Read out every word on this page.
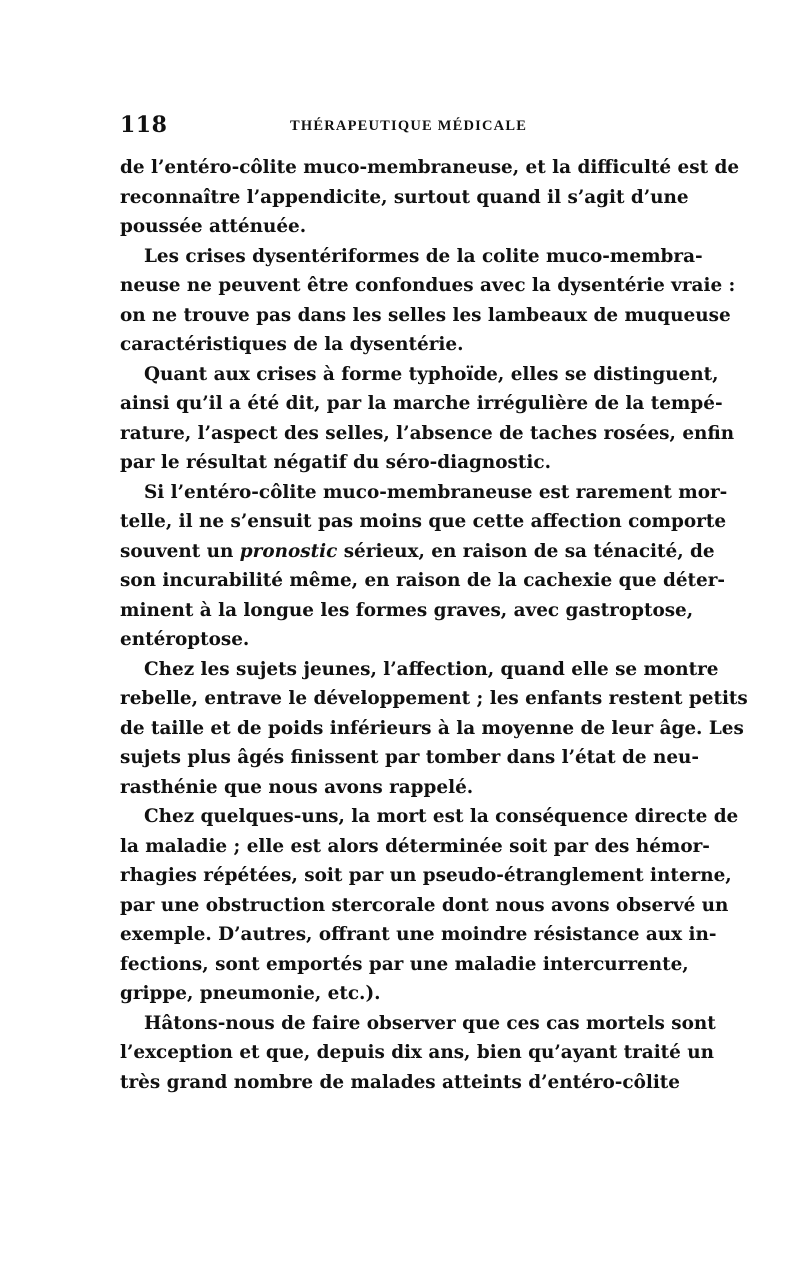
118	THÉRAPEUTIQUE MÉDICALE
de l’entéro-côlite muco-membraneuse, et la difficulté est de
reconnaître l’appendicite, surtout quand il s’agit d’une
poussée atténuée.
Les crises dysentériformes de la colite muco-membra-
neuse ne peuvent être confondues avec la dysentérie vraie :
on ne trouve pas dans les selles les lambeaux de muqueuse
caractéristiques de la dysentérie.
Quant aux crises à forme typhoïde, elles se distinguent,
ainsi qu’il a été dit, par la marche irrégulière de la tempé-
rature, l’aspect des selles, l’absence de taches rosées, enfin
par le résultat négatif du séro-diagnostic.
Si l’entéro-côlite muco-membraneuse est rarement mor-
telle, il ne s’ensuit pas moins que cette affection comporte
souvent un pronostic sérieux, en raison de sa ténacité, de
son incurabilité même, en raison de la cachexie que déter-
minent à la longue les formes graves, avec gastroptose,
entéroptose.
Chez les sujets jeunes, l’affection, quand elle se montre
rebelle, entrave le développement ; les enfants restent petits
de taille et de poids inférieurs à la moyenne de leur âge. Les
sujets plus âgés finissent par tomber dans l’état de neu-
rasthénie que nous avons rappelé.
Chez quelques-uns, la mort est la conséquence directe de
la maladie ; elle est alors déterminée soit par des hémor-
rhagies répétées, soit par un pseudo-étranglement interne,
par une obstruction stercorale dont nous avons observé un
exemple. D’autres, offrant une moindre résistance aux in-
fections, sont emportés par une maladie intercurrente,
grippe, pneumonie, etc.).
Hâtons-nous de faire observer que ces cas mortels sont
l’exception et que, depuis dix ans, bien qu’ayant traité un
très grand nombre de malades atteints d’entéro-côlite
